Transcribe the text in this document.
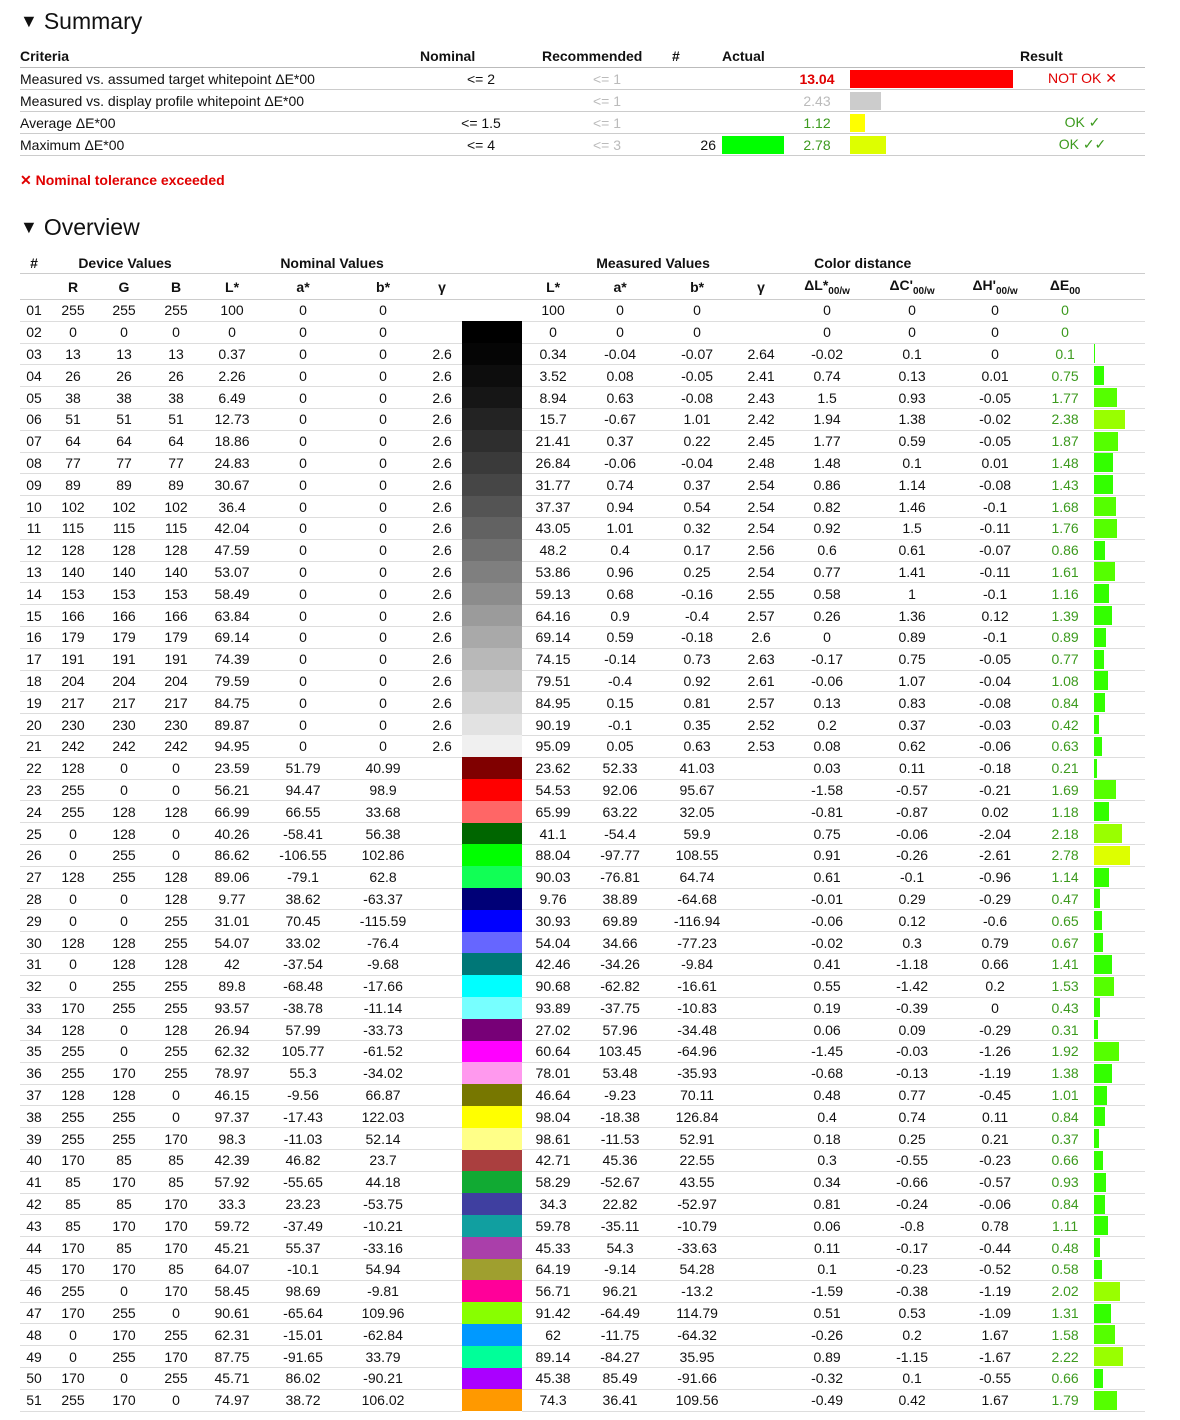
▼ Summary
Criteria	Nominal	Recommended	#	Actual			Result
Measured vs. assumed target whitepoint ΔE*00	<= 2	<= 1			13.04		NOT OK ✕
Measured vs. display profile whitepoint ΔE*00		<= 1			2.43	

Average ΔE*00	<= 1.5	<= 1			1.12		OK ✓
Maximum ΔE*00	<= 4	<= 3	26		2.78		OK ✓✓
✕ Nominal tolerance exceeded
▼ Overview
#	Device Values			Nominal Values					Measured Values				Color distance				
	R	G	B	L*	a*	b*	γ		L*	a*	b*	γ	$\Delta L*_{00/w}$	$\Delta C'_{00/w}$	$\Delta H'_{00/w}$	$\Delta E_{00}$	
01	255	255	255	100	0	0			100	0	0		0	0	0	0	

02	0	0	0	0	0	0			0	0	0		0	0	0	0	

03	13	13	13	0.37	0	0	2.6		0.34	-0.04	-0.07	2.64	-0.02	0.1	0	0.1	

04	26	26	26	2.26	0	0	2.6		3.52	0.08	-0.05	2.41	0.74	0.13	0.01	0.75	

05	38	38	38	6.49	0	0	2.6		8.94	0.63	-0.08	2.43	1.5	0.93	-0.05	1.77	

06	51	51	51	12.73	0	0	2.6		15.7	-0.67	1.01	2.42	1.94	1.38	-0.02	2.38	

07	64	64	64	18.86	0	0	2.6		21.41	0.37	0.22	2.45	1.77	0.59	-0.05	1.87	

08	77	77	77	24.83	0	0	2.6		26.84	-0.06	-0.04	2.48	1.48	0.1	0.01	1.48	

09	89	89	89	30.67	0	0	2.6		31.77	0.74	0.37	2.54	0.86	1.14	-0.08	1.43	

10	102	102	102	36.4	0	0	2.6		37.37	0.94	0.54	2.54	0.82	1.46	-0.1	1.68	

11	115	115	115	42.04	0	0	2.6		43.05	1.01	0.32	2.54	0.92	1.5	-0.11	1.76	

12	128	128	128	47.59	0	0	2.6		48.2	0.4	0.17	2.56	0.6	0.61	-0.07	0.86	

13	140	140	140	53.07	0	0	2.6		53.86	0.96	0.25	2.54	0.77	1.41	-0.11	1.61	

14	153	153	153	58.49	0	0	2.6		59.13	0.68	-0.16	2.55	0.58	1	-0.1	1.16	

15	166	166	166	63.84	0	0	2.6		64.16	0.9	-0.4	2.57	0.26	1.36	0.12	1.39	

16	179	179	179	69.14	0	0	2.6		69.14	0.59	-0.18	2.6	0	0.89	-0.1	0.89	

17	191	191	191	74.39	0	0	2.6		74.15	-0.14	0.73	2.63	-0.17	0.75	-0.05	0.77	

18	204	204	204	79.59	0	0	2.6		79.51	-0.4	0.92	2.61	-0.06	1.07	-0.04	1.08	

19	217	217	217	84.75	0	0	2.6		84.95	0.15	0.81	2.57	0.13	0.83	-0.08	0.84	

20	230	230	230	89.87	0	0	2.6		90.19	-0.1	0.35	2.52	0.2	0.37	-0.03	0.42	

21	242	242	242	94.95	0	0	2.6		95.09	0.05	0.63	2.53	0.08	0.62	-0.06	0.63	

22	128	0	0	23.59	51.79	40.99			23.62	52.33	41.03		0.03	0.11	-0.18	0.21	

23	255	0	0	56.21	94.47	98.9			54.53	92.06	95.67		-1.58	-0.57	-0.21	1.69	

24	255	128	128	66.99	66.55	33.68			65.99	63.22	32.05		-0.81	-0.87	0.02	1.18	

25	0	128	0	40.26	-58.41	56.38			41.1	-54.4	59.9		0.75	-0.06	-2.04	2.18	

26	0	255	0	86.62	-106.55	102.86			88.04	-97.77	108.55		0.91	-0.26	-2.61	2.78	

27	128	255	128	89.06	-79.1	62.8			90.03	-76.81	64.74		0.61	-0.1	-0.96	1.14	

28	0	0	128	9.77	38.62	-63.37			9.76	38.89	-64.68		-0.01	0.29	-0.29	0.47	

29	0	0	255	31.01	70.45	-115.59			30.93	69.89	-116.94		-0.06	0.12	-0.6	0.65	

30	128	128	255	54.07	33.02	-76.4			54.04	34.66	-77.23		-0.02	0.3	0.79	0.67	

31	0	128	128	42	-37.54	-9.68			42.46	-34.26	-9.84		0.41	-1.18	0.66	1.41	

32	0	255	255	89.8	-68.48	-17.66			90.68	-62.82	-16.61		0.55	-1.42	0.2	1.53	

33	170	255	255	93.57	-38.78	-11.14			93.89	-37.75	-10.83		0.19	-0.39	0	0.43	

34	128	0	128	26.94	57.99	-33.73			27.02	57.96	-34.48		0.06	0.09	-0.29	0.31	

35	255	0	255	62.32	105.77	-61.52			60.64	103.45	-64.96		-1.45	-0.03	-1.26	1.92	

36	255	170	255	78.97	55.3	-34.02			78.01	53.48	-35.93		-0.68	-0.13	-1.19	1.38	

37	128	128	0	46.15	-9.56	66.87			46.64	-9.23	70.11		0.48	0.77	-0.45	1.01	

38	255	255	0	97.37	-17.43	122.03			98.04	-18.38	126.84		0.4	0.74	0.11	0.84	

39	255	255	170	98.3	-11.03	52.14			98.61	-11.53	52.91		0.18	0.25	0.21	0.37	

40	170	85	85	42.39	46.82	23.7			42.71	45.36	22.55		0.3	-0.55	-0.23	0.66	

41	85	170	85	57.92	-55.65	44.18			58.29	-52.67	43.55		0.34	-0.66	-0.57	0.93	

42	85	85	170	33.3	23.23	-53.75			34.3	22.82	-52.97		0.81	-0.24	-0.06	0.84	

43	85	170	170	59.72	-37.49	-10.21			59.78	-35.11	-10.79		0.06	-0.8	0.78	1.11	

44	170	85	170	45.21	55.37	-33.16			45.33	54.3	-33.63		0.11	-0.17	-0.44	0.48	

45	170	170	85	64.07	-10.1	54.94			64.19	-9.14	54.28		0.1	-0.23	-0.52	0.58	

46	255	0	170	58.45	98.69	-9.81			56.71	96.21	-13.2		-1.59	-0.38	-1.19	2.02	

47	170	255	0	90.61	-65.64	109.96			91.42	-64.49	114.79		0.51	0.53	-1.09	1.31	

48	0	170	255	62.31	-15.01	-62.84			62	-11.75	-64.32		-0.26	0.2	1.67	1.58	

49	0	255	170	87.75	-91.65	33.79			89.14	-84.27	35.95		0.89	-1.15	-1.67	2.22	

50	170	0	255	45.71	86.02	-90.21			45.38	85.49	-91.66		-0.32	0.1	-0.55	0.66	

51	255	170	0	74.97	38.72	106.02			74.3	36.41	109.56		-0.49	0.42	1.67	1.79	
